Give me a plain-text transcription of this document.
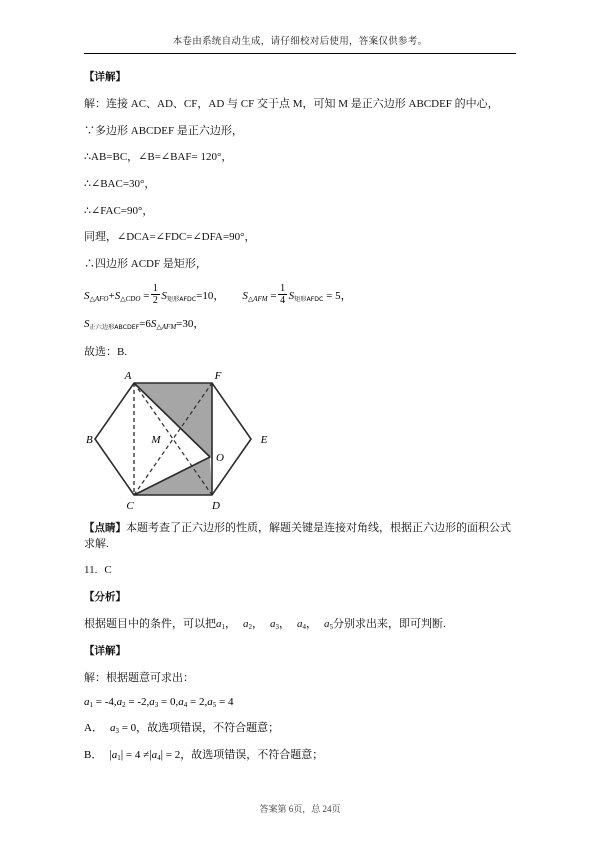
本卷由系统自动生成，请仔细校对后使用，答案仅供参考。

【详解】

解：连接 AC、AD、CF，AD 与 CF 交于点 M，可知 M 是正六边形 ABCDEF 的中心，

∵多边形 ABCDEF 是正六边形，

∴AB=BC，∠B=∠BAF= 120°，

∴∠BAC=30°，

∴∠FAC=90°，

同理，∠DCA=∠FDC=∠DFA=90°，

∴四边形 ACDF 是矩形，

$S_{\triangle AFO}+S_{\triangle CDO} = \frac{1}{2}$ S矩形AFDC=10， $S_{\triangle AFM} = \frac{1}{4}$ S矩形AFDC = 5，

S正六边形$ABCDEF=6S_{\triangle AFM}=30$，

故选：B.

A	F
E
D
C
B	M
O

【点睛】本题考查了正六边形的性质，解题关键是连接对角线，根据正六边形的面积公式求解.

11. C

【分析】

根据题目中的条件，可以把$a_1$， $a_2$， $a_3$， $a_4$， $a_5$分别求出来，即可判断.

【详解】

解：根据题意可求出：

$a_1 = -4,a_2 = -2,a_3 = 0,a_4 = 2,a_5 = 4$

A． $a_3 = 0$，故选项错误，不符合题意；

B． $|a_1| = 4 \ne|a_4| = 2$，故选项错误，不符合题意；

答案第 6页，总 24页
